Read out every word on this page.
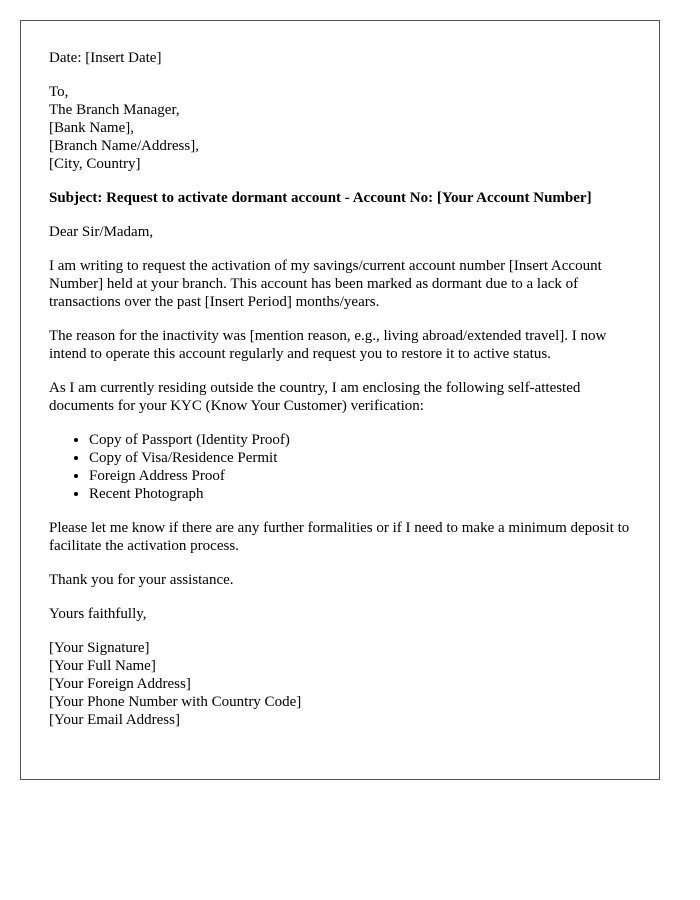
Date: [Insert Date]
To,
The Branch Manager,
[Bank Name],
[Branch Name/Address],
[City, Country]
Subject: Request to activate dormant account - Account No: [Your Account Number]

Dear Sir/Madam,

I am writing to request the activation of my savings/current account number [Insert Account Number] held at your branch. This account has been marked as dormant due to a lack of transactions over the past [Insert Period] months/years.

The reason for the inactivity was [mention reason, e.g., living abroad/extended travel]. I now intend to operate this account regularly and request you to restore it to active status.

As I am currently residing outside the country, I am enclosing the following self-attested documents for your KYC (Know Your Customer) verification:

• Copy of Passport (Identity Proof)
• Copy of Visa/Residence Permit
• Foreign Address Proof
• Recent Photograph

Please let me know if there are any further formalities or if I need to make a minimum deposit to facilitate the activation process.

Thank you for your assistance.

Yours faithfully,

[Your Signature]
[Your Full Name]
[Your Foreign Address]
[Your Phone Number with Country Code]
[Your Email Address]
